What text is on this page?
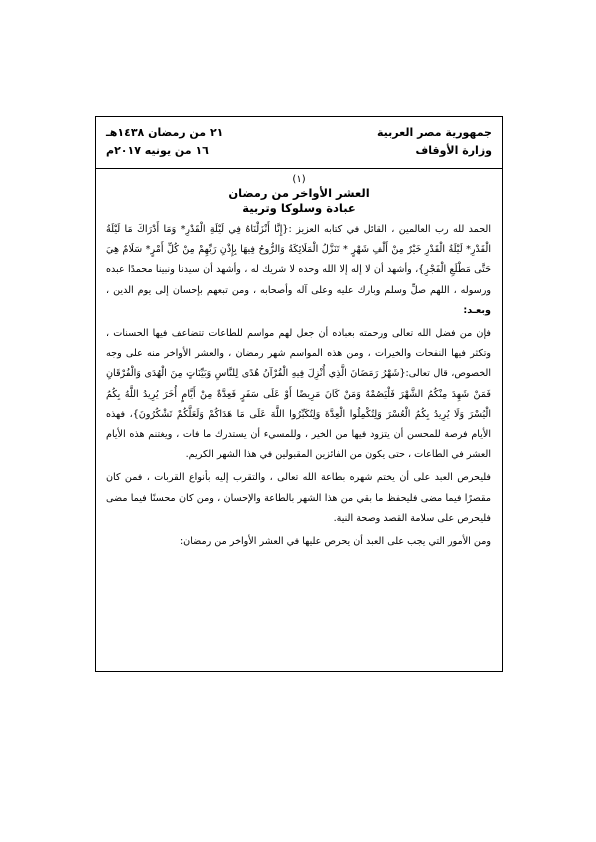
جمهورية مصر العربية
وزارة الأوقاف
٢١ من رمضان ١٤٣٨هـ
١٦ من يونيه ٢٠١٧م
(١)
العشر الأواخر من رمضان
عبادة وسلوكا وتربية

الحمد لله رب العالمين ، القائل في كتابه العزيز :{إِنَّا أَنْزَلْنَاهُ فِي لَيْلَةِ الْقَدْرِ* وَمَا أَدْرَاكَ مَا لَيْلَةُ الْقَدْرِ* لَيْلَةُ الْقَدْرِ خَيْرٌ مِنْ أَلْفِ شَهْرٍ * تَنَزَّلُ الْمَلَائِكَةُ وَالرُّوحُ فِيهَا بِإِذْنِ رَبِّهِمْ مِنْ كُلِّ أَمْرٍ* سَلَامٌ هِيَ حَتَّى مَطْلَعِ الْفَجْرِ}، وأشهد أن لا إله إلا الله وحده لا شريك له ، وأشهد أن سيدنا ونبينا محمدًا عبده ورسوله ، اللهم صلِّ وسلم وبارك عليه وعلى آله وأصحابه ، ومن تبعهم بإحسان إلى يوم الدين ، وبعـد:

فإن من فضل الله تعالى ورحمته بعباده أن جعل لهم مواسم للطاعات تتضاعف فيها الحسنات ، وتكثر فيها النفحات والخيرات ، ومن هذه المواسم شهر رمضان ، والعشر الأواخر منه على وجه الخصوص، قال تعالى:{شَهْرُ رَمَضَانَ الَّذِي أُنْزِلَ فِيهِ الْقُرْآنُ هُدًى لِلنَّاسِ وَبَيِّنَاتٍ مِنَ الْهُدَى وَالْفُرْقَانِ فَمَنْ شَهِدَ مِنْكُمُ الشَّهْرَ فَلْيَصُمْهُ وَمَنْ كَانَ مَرِيضًا أَوْ عَلَى سَفَرٍ فَعِدَّةٌ مِنْ أَيَّامٍ أُخَرَ يُرِيدُ اللَّهُ بِكُمُ الْيُسْرَ وَلَا يُرِيدُ بِكُمُ الْعُسْرَ وَلِتُكْمِلُوا الْعِدَّةَ وَلِتُكَبِّرُوا اللَّهَ عَلَى مَا هَدَاكُمْ وَلَعَلَّكُمْ تَشْكُرُونَ}، فهذه الأيام فرصة للمحسن أن يتزود فيها من الخير ، وللمسيء أن يستدرك ما فات ، ويغتنم هذه الأيام العشر في الطاعات ، حتى يكون من الفائزين المقبولين في هذا الشهر الكريم.

فليحرص العبد على أن يختم شهره بطاعة الله تعالى ، والتقرب إليه بأنواع القربات ، فمن كان مقصرًا فيما مضى فليحفظ ما بقي من هذا الشهر بالطاعة والإحسان ، ومن كان محسنًا فيما مضى فليحرص على سلامة القصد وصحة النية.

ومن الأمور التي يجب على العبد أن يحرص عليها في العشر الأواخر من رمضان:
